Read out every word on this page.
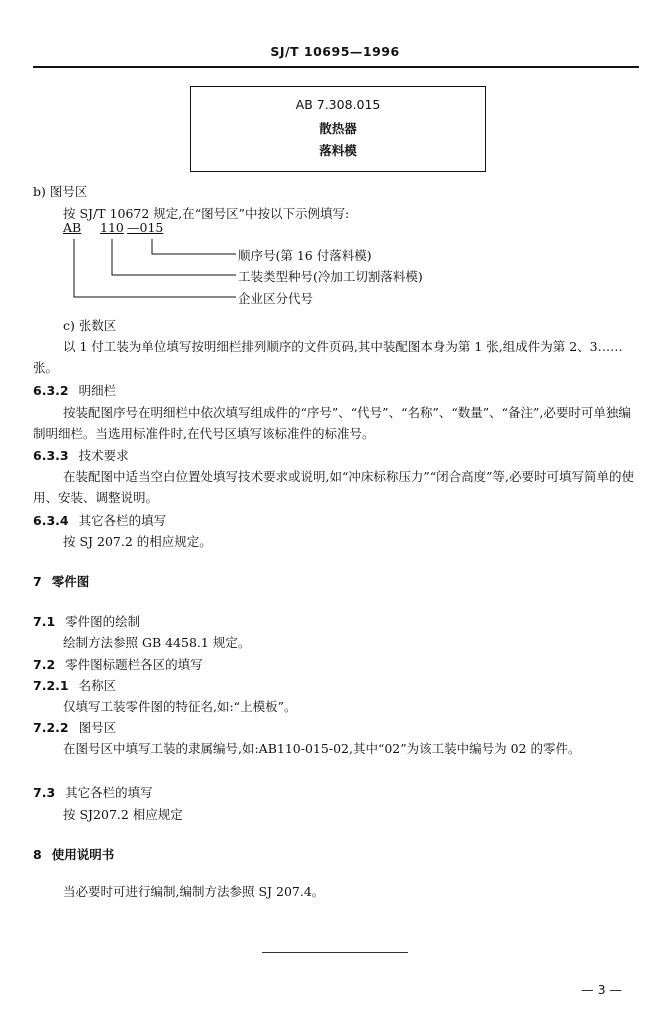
SJ/T 10695—1996
AB 7.308.015
散热器
落料模
b) 图号区
按 SJ/T 10672 规定,在“图号区”中按以下示例填写:
AB 110 —015
顺序号(第 16 付落料模)
工装类型种号(冷加工切割落料模)
企业区分代号
c) 张数区
以 1 付工装为单位填写按明细栏排列顺序的文件页码,其中装配图本身为第 1 张,组成件为第 2、3……张。
6.3.2 明细栏
按装配图序号在明细栏中依次填写组成件的“序号”、“代号”、“名称”、“数量”、“备注”,必要时可单独编制明细栏。当选用标准件时,在代号区填写该标准件的标准号。
6.3.3 技术要求
在装配图中适当空白位置处填写技术要求或说明,如“冲床标称压力”“闭合高度”等,必要时可填写简单的使用、安装、调整说明。
6.3.4 其它各栏的填写
按 SJ 207.2 的相应规定。
7 零件图
7.1 零件图的绘制
绘制方法参照 GB 4458.1 规定。
7.2 零件图标题栏各区的填写
7.2.1 名称区
仅填写工装零件图的特征名,如:“上模板”。
7.2.2 图号区
在图号区中填写工装的隶属编号,如:AB110-015-02,其中“02”为该工装中编号为 02 的零件。
7.3 其它各栏的填写
按 SJ207.2 相应规定
8 使用说明书
当必要时可进行编制,编制方法参照 SJ 207.4。
— 3 —
